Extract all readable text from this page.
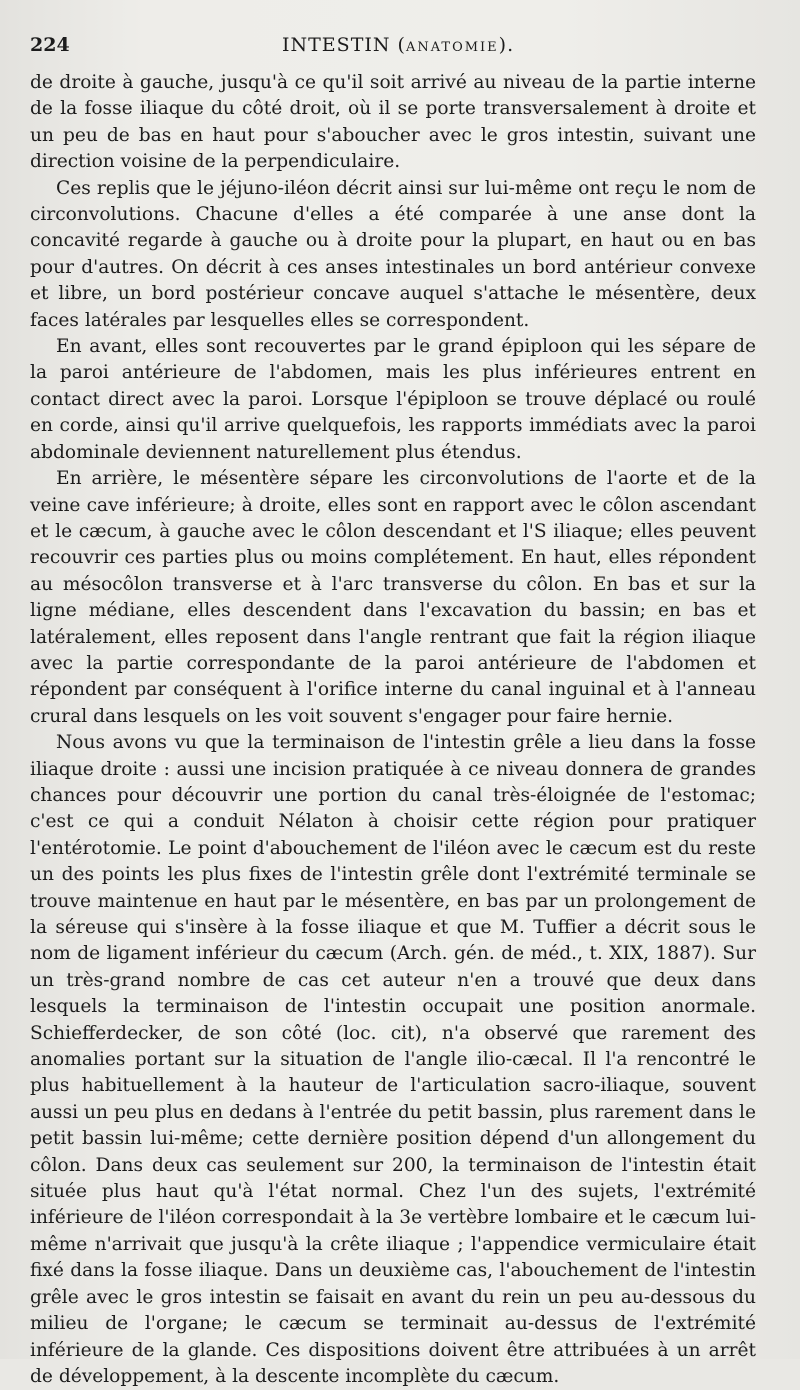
224	INTESTIN (ANATOMIE).

de droite à gauche, jusqu'à ce qu'il soit arrivé au niveau de la partie interne de la fosse iliaque du côté droit, où il se porte transversalement à droite et un peu de bas en haut pour s'aboucher avec le gros intestin, suivant une direction voisine de la perpendiculaire.

Ces replis que le jéjuno-iléon décrit ainsi sur lui-même ont reçu le nom de circonvolutions. Chacune d'elles a été comparée à une anse dont la concavité regarde à gauche ou à droite pour la plupart, en haut ou en bas pour d'autres. On décrit à ces anses intestinales un bord antérieur convexe et libre, un bord postérieur concave auquel s'attache le mésentère, deux faces latérales par lesquelles elles se correspondent.

En avant, elles sont recouvertes par le grand épiploon qui les sépare de la paroi antérieure de l'abdomen, mais les plus inférieures entrent en contact direct avec la paroi. Lorsque l'épiploon se trouve déplacé ou roulé en corde, ainsi qu'il arrive quelquefois, les rapports immédiats avec la paroi abdominale deviennent naturellement plus étendus.

En arrière, le mésentère sépare les circonvolutions de l'aorte et de la veine cave inférieure; à droite, elles sont en rapport avec le côlon ascendant et le cæcum, à gauche avec le côlon descendant et l'S iliaque; elles peuvent recouvrir ces parties plus ou moins complétement. En haut, elles répondent au mésocôlon transverse et à l'arc transverse du côlon. En bas et sur la ligne médiane, elles descendent dans l'excavation du bassin; en bas et latéralement, elles reposent dans l'angle rentrant que fait la région iliaque avec la partie correspondante de la paroi antérieure de l'abdomen et répondent par conséquent à l'orifice interne du canal inguinal et à l'anneau crural dans lesquels on les voit souvent s'engager pour faire hernie.

Nous avons vu que la terminaison de l'intestin grêle a lieu dans la fosse iliaque droite : aussi une incision pratiquée à ce niveau donnera de grandes chances pour découvrir une portion du canal très-éloignée de l'estomac; c'est ce qui a conduit Nélaton à choisir cette région pour pratiquer l'entérotomie. Le point d'abouchement de l'iléon avec le cæcum est du reste un des points les plus fixes de l'intestin grêle dont l'extrémité terminale se trouve maintenue en haut par le mésentère, en bas par un prolongement de la séreuse qui s'insère à la fosse iliaque et que M. Tuffier a décrit sous le nom de ligament inférieur du cæcum (Arch. gén. de méd., t. XIX, 1887). Sur un très-grand nombre de cas cet auteur n'en a trouvé que deux dans lesquels la terminaison de l'intestin occupait une position anormale. Schiefferdecker, de son côté (loc. cit), n'a observé que rarement des anomalies portant sur la situation de l'angle ilio-cæcal. Il l'a rencontré le plus habituellement à la hauteur de l'articulation sacro-iliaque, souvent aussi un peu plus en dedans à l'entrée du petit bassin, plus rarement dans le petit bassin lui-même; cette dernière position dépend d'un allongement du côlon. Dans deux cas seulement sur 200, la terminaison de l'intestin était située plus haut qu'à l'état normal. Chez l'un des sujets, l'extrémité inférieure de l'iléon correspondait à la 3e vertèbre lombaire et le cæcum lui-même n'arrivait que jusqu'à la crête iliaque ; l'appendice vermiculaire était fixé dans la fosse iliaque. Dans un deuxième cas, l'abouchement de l'intestin grêle avec le gros intestin se faisait en avant du rein un peu au-dessous du milieu de l'organe; le cæcum se terminait au-dessus de l'extrémité inférieure de la glande. Ces dispositions doivent être attribuées à un arrêt de développement, à la descente incomplète du cæcum.
